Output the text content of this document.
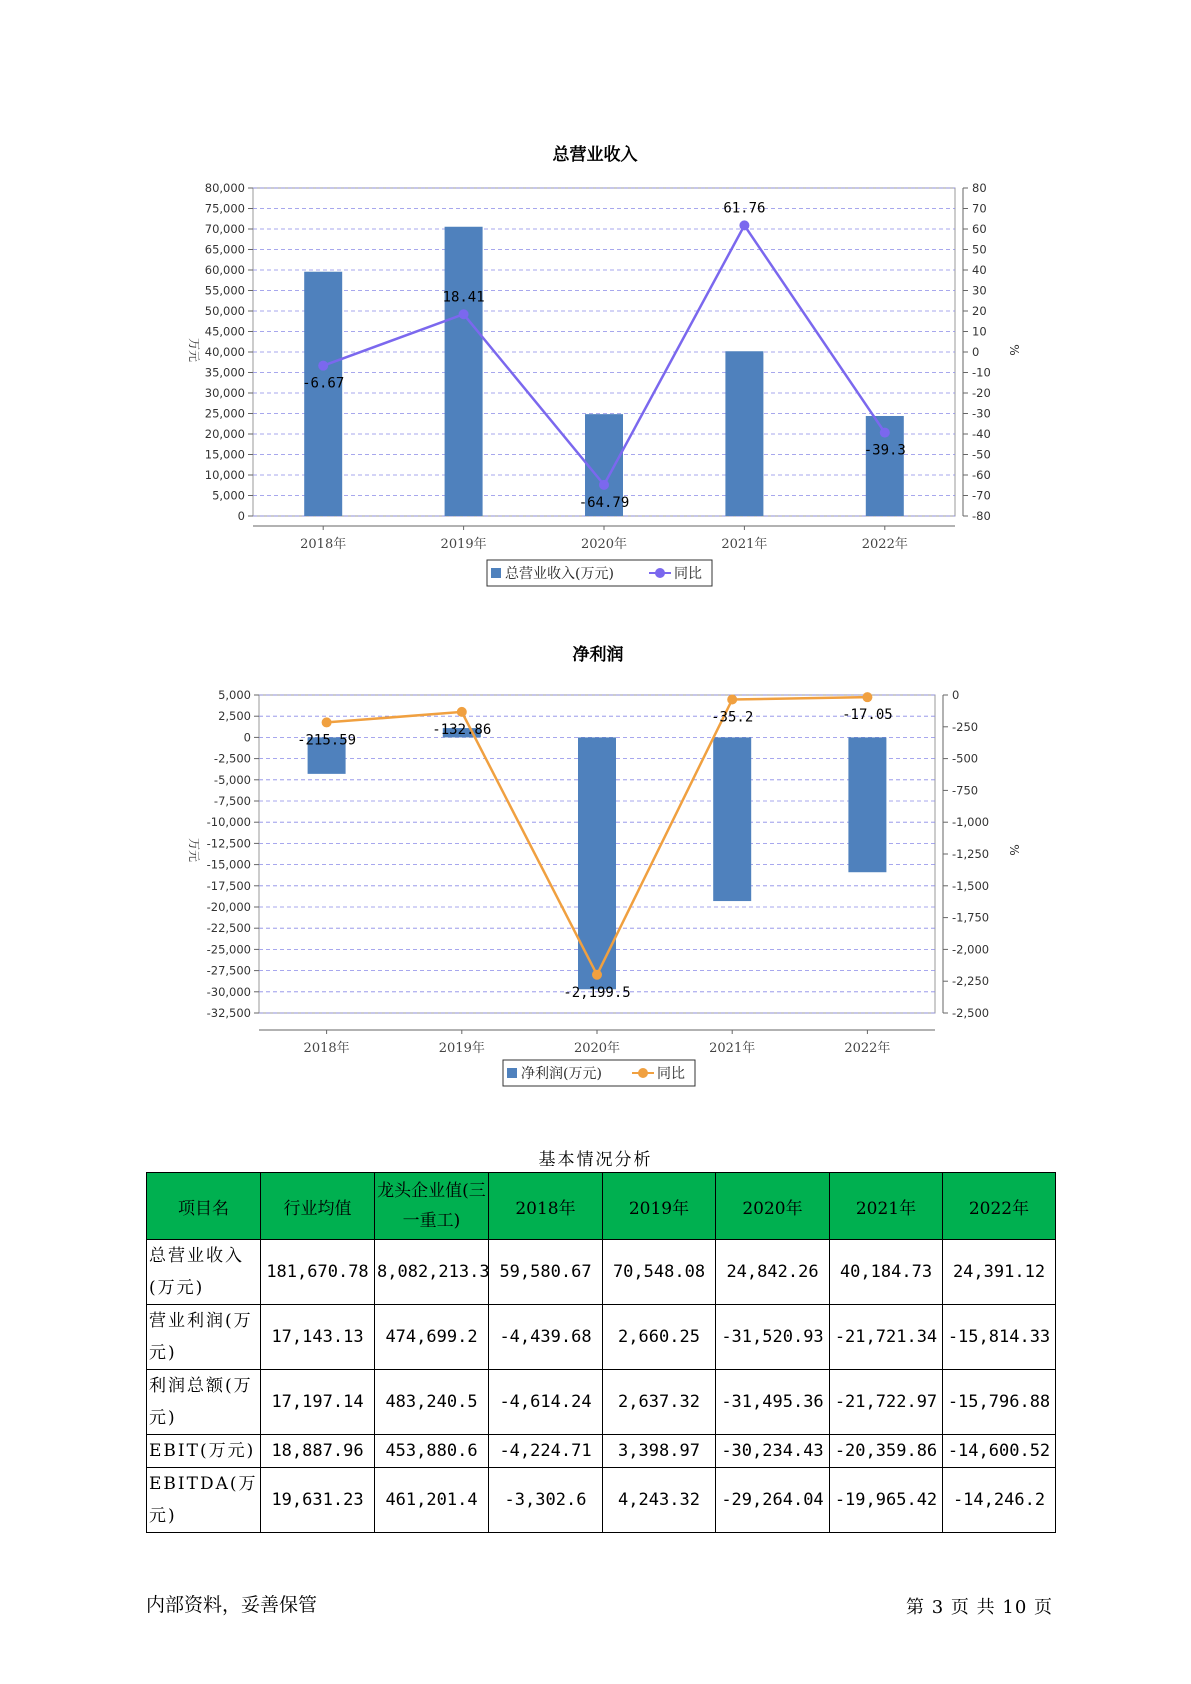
总营业收入
-6.67
18.41
-64.79
61.76
-39.3
80,000
75,000
70,000
65,000
60,000
55,000
50,000
45,000
40,000
35,000
30,000
25,000
20,000
15,000
10,000
5,000
0
80
70
60
50
40
30
20
10
0
-10
-20
-30
-40
-50
-60
-70
-80
2018年	2019年	2020年	2021年	2022年
万元	%
总营业收入(万元)	同比
净利润
-215.59
-132.86
-2,199.5
-35.2	-17.05
5,000
2,500
0
-2,500
-5,000
-7,500
-10,000
-12,500
-15,000
-17,500
-20,000
-22,500
-25,000
-27,500
-30,000
-32,500
0
-250
-500
-750
-1,000
-1,250
-1,500
-1,750
-2,000
-2,250
-2,500
2018年	2019年	2020年	2021年	2022年
万元	%
净利润(万元)	同比
基本情况分析
项目名	行业均值	龙头企业值(三一重工)	2018年	2019年	2020年	2021年	2022年
总营业收入(万元)	181,670.78	8,082,213.3	59,580.67	70,548.08	24,842.26	40,184.73	24,391.12
营业利润(万元)	17,143.13	474,699.2	-4,439.68	2,660.25	-31,520.93	-21,721.34	-15,814.33
利润总额(万元)	17,197.14	483,240.5	-4,614.24	2,637.32	-31,495.36	-21,722.97	-15,796.88
EBIT(万元)	18,887.96	453,880.6	-4,224.71	3,398.97	-30,234.43	-20,359.86	-14,600.52
EBITDA(万元)	19,631.23	461,201.4	-3,302.6	4,243.32	-29,264.04	-19,965.42	-14,246.2
内部资料，妥善保管	第 3 页 共 10 页
